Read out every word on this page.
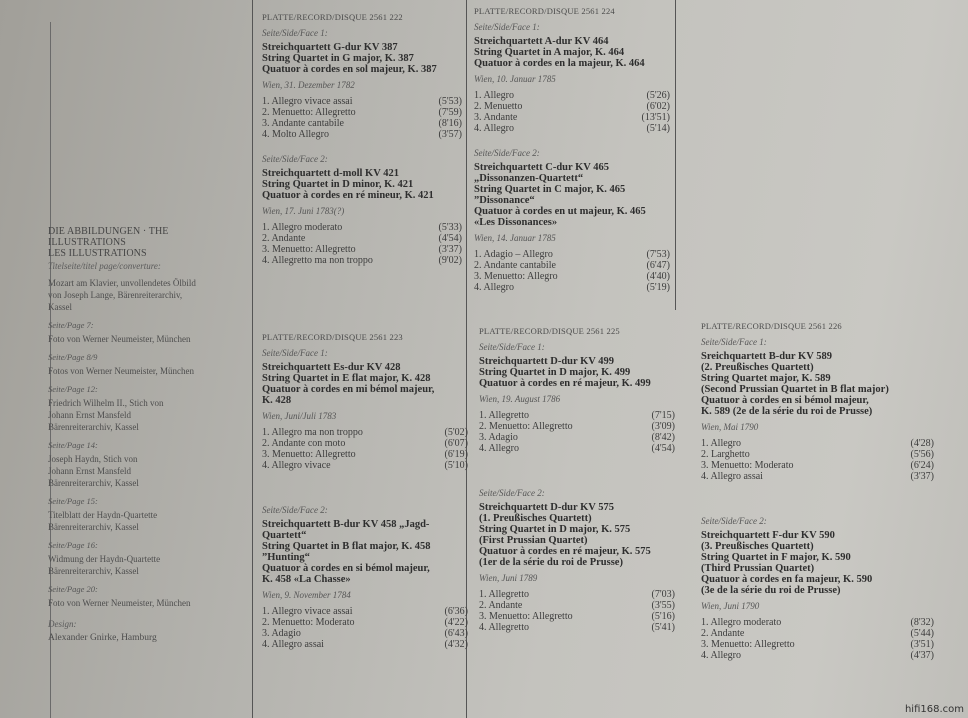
DIE ABBILDUNGEN · THE ILLUSTRATIONS
LES ILLUSTRATIONS
Titelseite/titel page/converture:
Mozart am Klavier, unvollendetes Ölbild
von Joseph Lange, Bärenreiterarchiv,
Kassel
Seite/Page 7:
Foto von Werner Neumeister, München
Seite/Page 8/9
Fotos von Werner Neumeister, München
Seite/Page 12:
Friedrich Wilhelm II., Stich von
Johann Ernst Mansfeld
Bärenreiterarchiv, Kassel
Seite/Page 14:
Joseph Haydn, Stich von
Johann Ernst Mansfeld
Bärenreiterarchiv, Kassel
Seite/Page 15:
Titelblatt der Haydn-Quartette
Bärenreiterarchiv, Kassel
Seite/Page 16:
Widmung der Haydn-Quartette
Bärenreiterarchiv, Kassel
Seite/Page 20:
Foto von Werner Neumeister, München
Design:
Alexander Gnirke, Hamburg
PLATTE/RECORD/DISQUE 2561 222
Seite/Side/Face 1:
Streichquartett G-dur KV 387
String Quartet in G major, K. 387
Quatuor à cordes en sol majeur, K. 387
Wien, 31. Dezember 1782
1. Allegro vivace assai	(5'53)
2. Menuetto: Allegretto	(7'59)
3. Andante cantabile	(8'16)
4. Molto Allegro	(3'57)
Seite/Side/Face 2:
Streichquartett d-moll KV 421
String Quartet in D minor, K. 421
Quatuor à cordes en ré mineur, K. 421
Wien, 17. Juni 1783(?)
1. Allegro moderato	(5'33)
2. Andante	(4'54)
3. Menuetto: Allegretto	(3'37)
4. Allegretto ma non troppo	(9'02)
PLATTE/RECORD/DISQUE 2561 224
Seite/Side/Face 1:
Streichquartett A-dur KV 464
String Quartet in A major, K. 464
Quatuor à cordes en la majeur, K. 464
Wien, 10. Januar 1785
1. Allegro	(5'26)
2. Menuetto	(6'02)
3. Andante	(13'51)
4. Allegro	(5'14)
Seite/Side/Face 2:
Streichquartett C-dur KV 465
„Dissonanzen-Quartett“
String Quartet in C major, K. 465
”Dissonance“
Quatuor à cordes en ut majeur, K. 465
«Les Dissonances»
Wien, 14. Januar 1785
1. Adagio – Allegro	(7'53)
2. Andante cantabile	(6'47)
3. Menuetto: Allegro	(4'40)
4. Allegro	(5'19)
PLATTE/RECORD/DISQUE 2561 223
Seite/Side/Face 1:
Streichquartett Es-dur KV 428
String Quartet in E flat major, K. 428
Quatuor à cordes en mi bémol majeur,
K. 428
Wien, Juni/Juli 1783
1. Allegro ma non troppo	(5'02)
2. Andante con moto	(6'07)
3. Menuetto: Allegretto	(6'19)
4. Allegro vivace	(5'10)
Seite/Side/Face 2:
Streichquartett B-dur KV 458 „Jagd-
Quartett“
String Quartet in B flat major, K. 458
”Hunting“
Quatuor à cordes en si bémol majeur,
K. 458 «La Chasse»
Wien, 9. November 1784
1. Allegro vivace assai	(6'36)
2. Menuetto: Moderato	(4'22)
3. Adagio	(6'43)
4. Allegro assai	(4'32)
PLATTE/RECORD/DISQUE 2561 225
Seite/Side/Face 1:
Streichquartett D-dur KV 499
String Quartet in D major, K. 499
Quatuor à cordes en ré majeur, K. 499
Wien, 19. August 1786
1. Allegretto	(7'15)
2. Menuetto: Allegretto	(3'09)
3. Adagio	(8'42)
4. Allegro	(4'54)
Seite/Side/Face 2:
Streichquartett D-dur KV 575
(1. Preußisches Quartett)
String Quartet in D major, K. 575
(First Prussian Quartet)
Quatuor à cordes en ré majeur, K. 575
(1er de la série du roi de Prusse)
Wien, Juni 1789
1. Allegretto	(7'03)
2. Andante	(3'55)
3. Menuetto: Allegretto	(5'16)
4. Allegretto	(5'41)
PLATTE/RECORD/DISQUE 2561 226
Seite/Side/Face 1:
Sreichquartett B-dur KV 589
(2. Preußisches Quartett)
String Quartet major, K. 589
(Second Prussian Quartet in B flat major)
Quatuor à cordes en si bémol majeur,
K. 589 (2e de la série du roi de Prusse)
Wien, Mai 1790
1. Allegro	(4'28)
2. Larghetto	(5'56)
3. Menuetto: Moderato	(6'24)
4. Allegro assai	(3'37)
Seite/Side/Face 2:
Streichquartett F-dur KV 590
(3. Preußisches Quartett)
String Quartet in F major, K. 590
(Third Prussian Quartet)
Quatuor à cordes en fa majeur, K. 590
(3e de la série du roi de Prusse)
Wien, Juni 1790
1. Allegro moderato	(8'32)
2. Andante	(5'44)
3. Menuetto: Allegretto	(3'51)
4. Allegro	(4'37)
hifi168.com
